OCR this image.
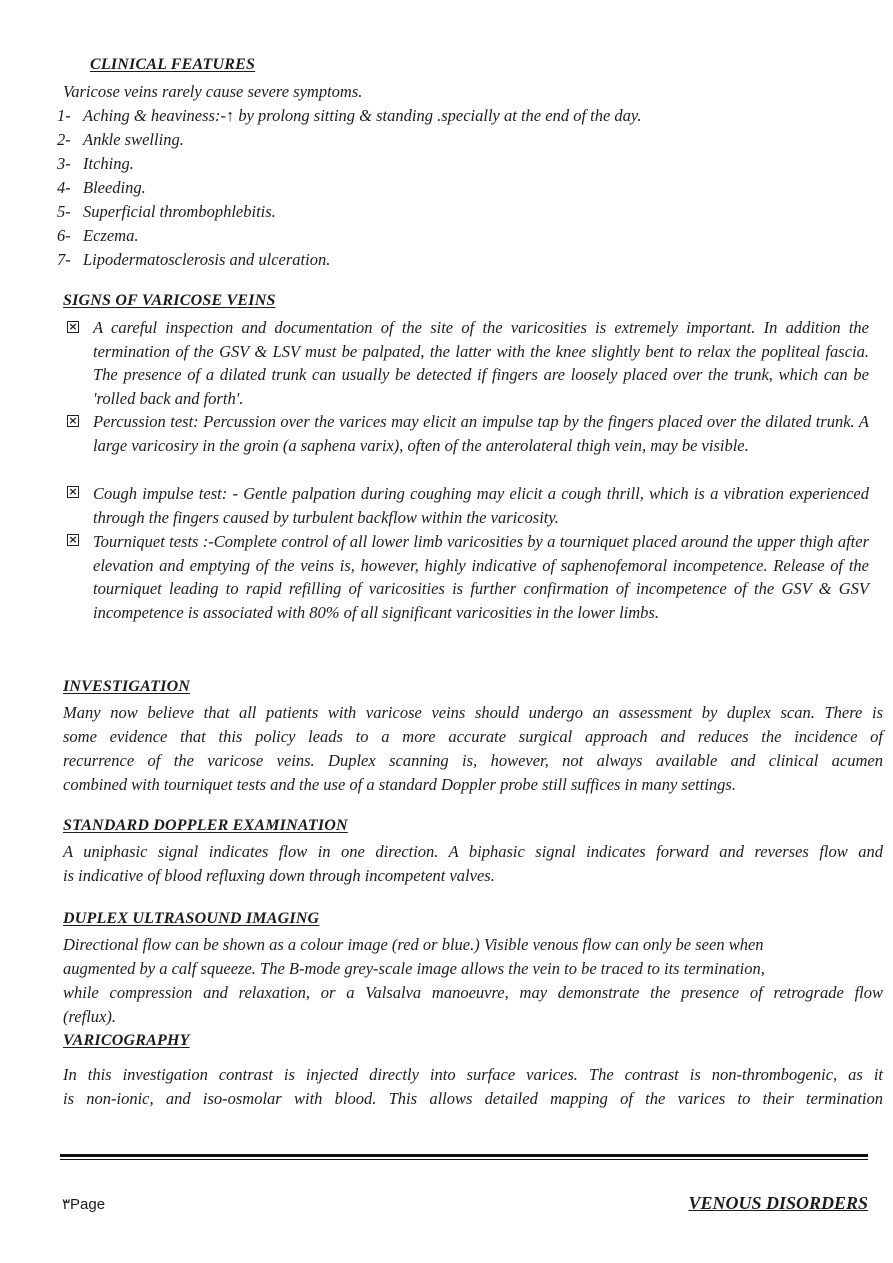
CLINICAL FEATURES
Varicose veins rarely cause severe symptoms.
1- Aching & heaviness:-↑ by prolong sitting & standing .specially at the end of the day.
2- Ankle swelling.
3- Itching.
4- Bleeding.
5- Superficial thrombophlebitis.
6- Eczema.
7- Lipodermatosclerosis and ulceration.
SIGNS OF VARICOSE VEINS
× A careful inspection and documentation of the site of the varicosities is extremely important. In addition the termination of the GSV & LSV must be palpated, the latter with the knee slightly bent to relax the popliteal fascia. The presence of a dilated trunk can usually be detected if fingers are loosely placed over the trunk, which can be 'rolled back and forth'.
× Percussion test: Percussion over the varices may elicit an impulse tap by the fingers placed over the dilated trunk. A large varicosiry in the groin (a saphena varix), often of the anterolateral thigh vein, may be visible.
× Cough impulse test: - Gentle palpation during coughing may elicit a cough thrill, which is a vibration experienced through the fingers caused by turbulent backflow within the varicosity.
× Tourniquet tests :-Complete control of all lower limb varicosities by a tourniquet placed around the upper thigh after elevation and emptying of the veins is, however, highly indicative of saphenofemoral incompetence. Release of the tourniquet leading to rapid refilling of varicosities is further confirmation of incompetence of the GSV & GSV incompetence is associated with 80% of all significant varicosities in the lower limbs.
INVESTIGATION
Many now believe that all patients with varicose veins should undergo an assessment by duplex scan. There is
some evidence that this policy leads to a more accurate surgical approach and reduces the incidence of
recurrence of the varicose veins. Duplex scanning is, however, not always available and clinical acumen
combined with tourniquet tests and the use of a standard Doppler probe still suffices in many settings.
STANDARD DOPPLER EXAMINATION
A uniphasic signal indicates flow in one direction. A biphasic signal indicates forward and reverses flow and
is indicative of blood refluxing down through incompetent valves.
DUPLEX ULTRASOUND IMAGING
Directional flow can be shown as a colour image (red or blue.) Visible venous flow can only be seen when
augmented by a calf squeeze. The B-mode grey-scale image allows the vein to be traced to its termination,
while compression and relaxation, or a Valsalva manoeuvre, may demonstrate the presence of retrograde flow
(reflux).
VARICOGRAPHY
In this investigation contrast is injected directly into surface varices. The contrast is non-thrombogenic, as it
is non-ionic, and iso-osmolar with blood. This allows detailed mapping of the varices to their termination
٣Page	VENOUS DISORDERS
